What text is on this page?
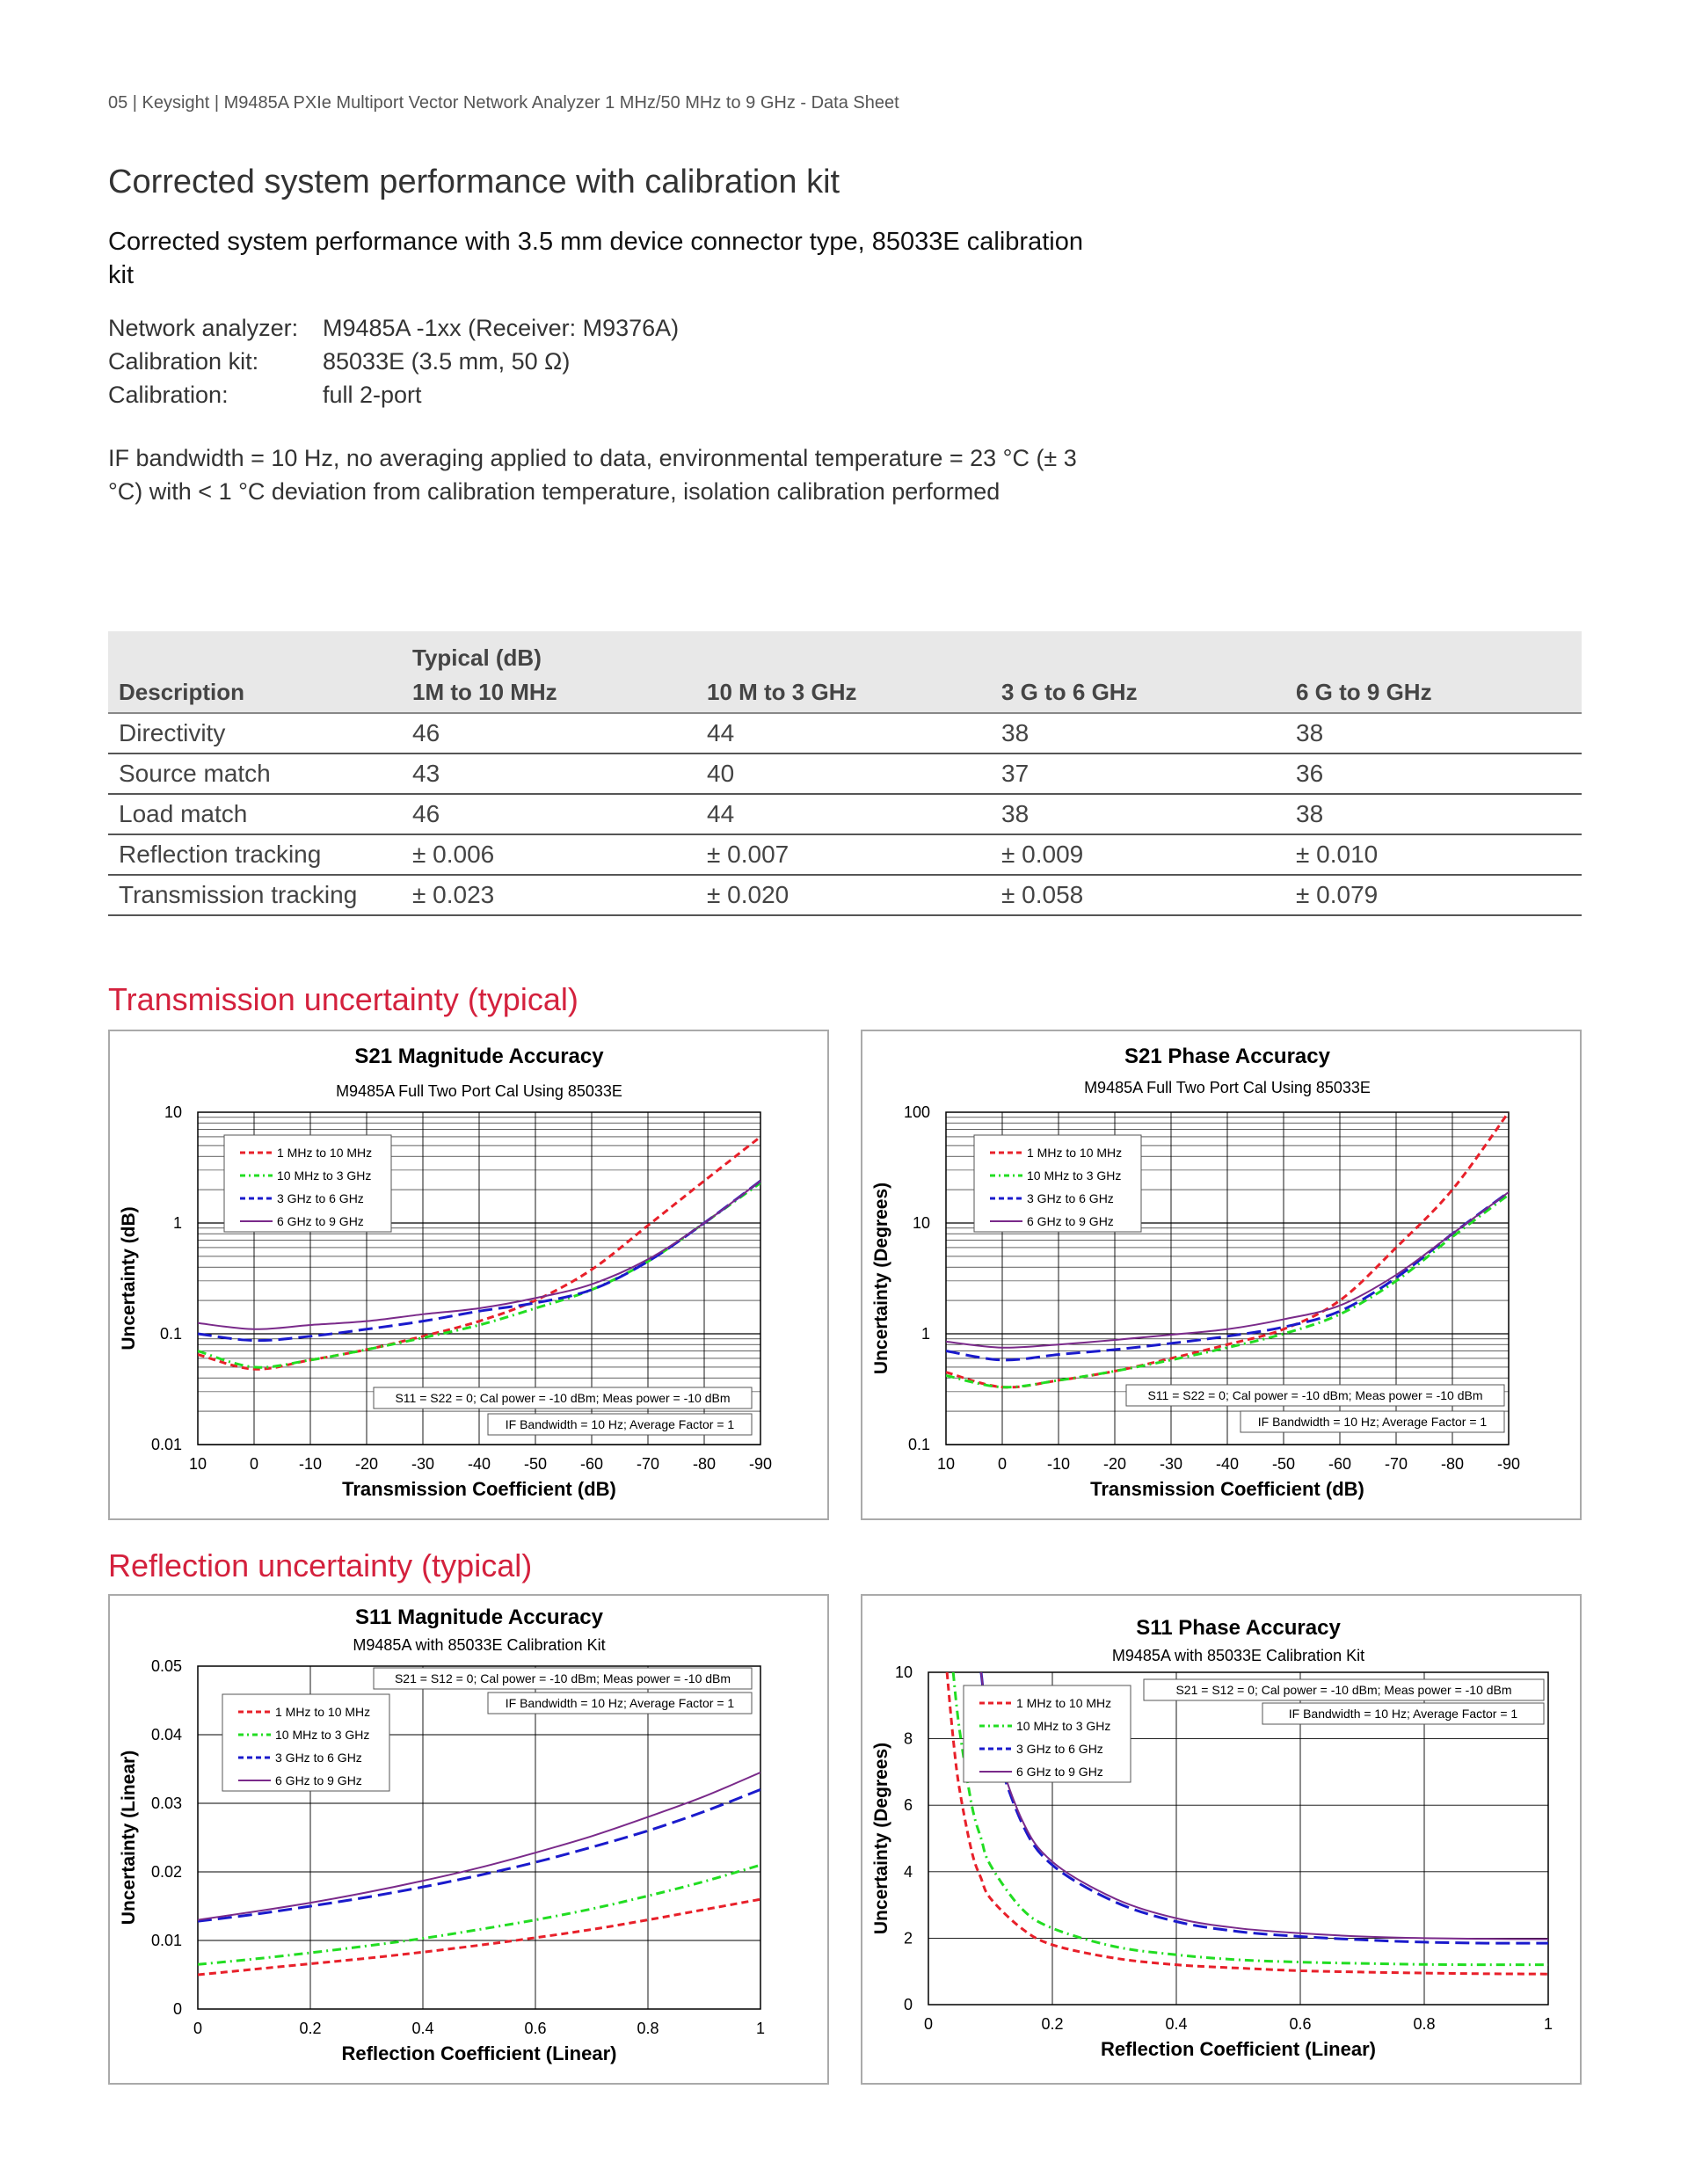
05 | Keysight | M9485A PXIe Multiport Vector Network Analyzer 1 MHz/50 MHz to 9 GHz - Data Sheet
Corrected system performance with calibration kit
Corrected system performance with 3.5 mm device connector type, 85033E calibration kit
Network analyzer:	M9485A -1xx (Receiver: M9376A)
Calibration kit:	85033E (3.5 mm, 50 Ω)
Calibration:	full 2-port
IF bandwidth = 10 Hz, no averaging applied to data, environmental temperature = 23 °C (± 3 °C) with < 1 °C deviation from calibration temperature, isolation calibration performed
	Typical (dB)			
Description	1M to 10 MHz	10 M to 3 GHz	3 G to 6 GHz	6 G to 9 GHz
Directivity	46	44	38	38
Source match	43	40	37	36
Load match	46	44	38	38
Reflection tracking	± 0.006	± 0.007	± 0.009	± 0.010
Transmission tracking	± 0.023	± 0.020	± 0.058	± 0.079
Transmission uncertainty (typical)
Reflection uncertainty (typical)
S21 Magnitude Accuracy
M9485A Full Two Port Cal Using 85033E
10	0	-10 -20 -30 -40 -50 -60 -70 -80 -90
10
1
0.1
0.01
Transmission Coefficient (dB)
Uncertainty (dB)
1 MHz to 10 MHz
10 MHz to 3 GHz
3 GHz to 6 GHz
6 GHz to 9 GHz
S11 = S22 = 0; Cal power = -10 dBm; Meas power = -10 dBm
IF Bandwidth = 10 Hz; Average Factor = 1
S21 Phase Accuracy
M9485A Full Two Port Cal Using 85033E
10	0	-10 -20 -30 -40 -50 -60 -70 -80 -90
100
10
1
0.1
Transmission Coefficient (dB)
Uncertainty (Degrees)
1 MHz to 10 MHz
10 MHz to 3 GHz
3 GHz to 6 GHz
6 GHz to 9 GHz
S11 = S22 = 0; Cal power = -10 dBm; Meas power = -10 dBm
IF Bandwidth = 10 Hz; Average Factor = 1
S11 Magnitude Accuracy
M9485A with 85033E Calibration Kit
0	0.2	0.4	0.6	0.8	1
0.05
0.04
0.03
0.02
0.01
0
Reflection Coefficient (Linear)
Uncertainty (Linear)
1 MHz to 10 MHz
10 MHz to 3 GHz
3 GHz to 6 GHz
6 GHz to 9 GHz
S21 = S12 = 0; Cal power = -10 dBm; Meas power = -10 dBm
IF Bandwidth = 10 Hz; Average Factor = 1
S11 Phase Accuracy
M9485A with 85033E Calibration Kit
0	0.2	0.4	0.6	0.8	1
10
8
6
4
2
0
Reflection Coefficient (Linear)
Uncertainty (Degrees)
1 MHz to 10 MHz
10 MHz to 3 GHz
3 GHz to 6 GHz
6 GHz to 9 GHz
S21 = S12 = 0; Cal power = -10 dBm; Meas power = -10 dBm
IF Bandwidth = 10 Hz; Average Factor = 1
